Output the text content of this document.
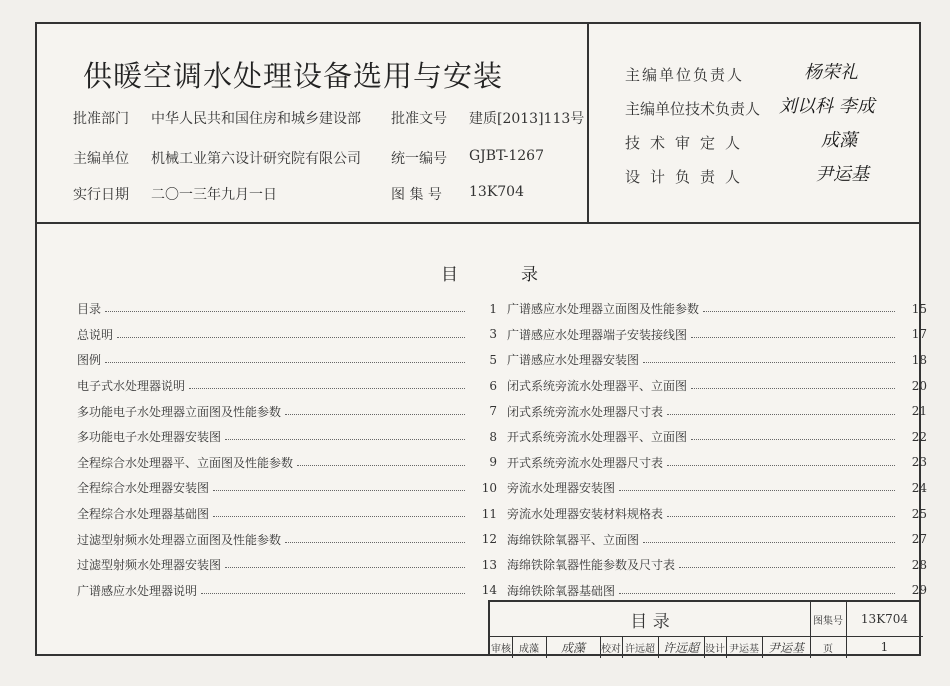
供暖空调水处理设备选用与安装
批准部门 中华人民共和国住房和城乡建设部 批准文号 建质[2013]113号
主编单位 机械工业第六设计研究院有限公司 统一编号 GJBT-1267
实行日期 二〇一三年九月一日	图 集 号 13K704
主编单位负责人	杨荣礼
主编单位技术负责人 刘以科 李成
技术审定人	成藻
设计负责人	尹运基
目	录
目录	1
总说明	3
图例	5
电子式水处理器说明	6
多功能电子水处理器立面图及性能参数	7
多功能电子水处理器安装图	8
全程综合水处理器平、立面图及性能参数	9
全程综合水处理器安装图	10
全程综合水处理器基础图	11
过滤型射频水处理器立面图及性能参数	12
过滤型射频水处理器安装图	13
广谱感应水处理器说明	14
广谱感应水处理器立面图及性能参数	15
广谱感应水处理器端子安装接线图	17
广谱感应水处理器安装图	18
闭式系统旁流水处理器平、立面图	20
闭式系统旁流水处理器尺寸表	21
开式系统旁流水处理器平、立面图	22
开式系统旁流水处理器尺寸表	23
旁流水处理器安装图	24
旁流水处理器安装材料规格表	25
海绵铁除氧器平、立面图	27
海绵铁除氧器性能参数及尺寸表	28
海绵铁除氧器基础图	29
目 录	图集号	13K704
审核 成藻	成藻	校对 许远超 许远超 设计 尹运基 尹运基	页	1
